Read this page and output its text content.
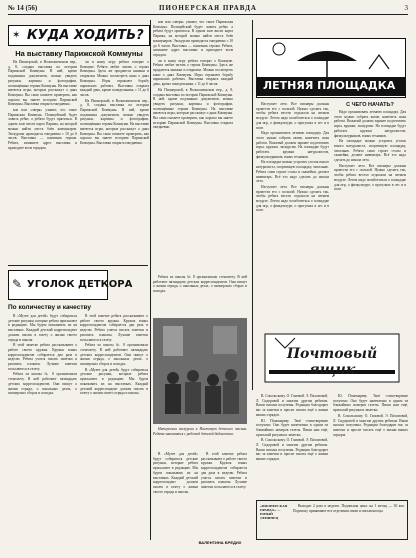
№ 14 (56)	ПИОНЕРСКАЯ ПРАВДА	3
КУДА ХОДИТЬ?
✶
На выставку Парижской Коммуны

На Пионерской, в Вольпашенском пер., д. 8, создана выставка по истории Парижской Коммуны. В ней, кроме подлинных документов, можно увидеть рисунки, картины и фотографии, посвящённые героям Коммуны. На выставке имеются игры, которые расскажут о днях Коммуны. Вы сами сможете проверить, как хорошо вы знаете историю Парижской Коммуны. Выставка открыта ежедневно.

ков или «зверя» узнают, что такое Парижская Коммуна. Полицейский будет ловить ребят, а ребята будут прятаться. В одном зале висит карта Парижа, на которой можно найти места боёв коммунаров. Экскурсии проводятся ежедневно с 10 до 6 часов. Выставка — памятник героям. Ребята, запишите адрес выставки и приходите всем отрядом.

ли в нашу игру ребята говорят о Коммуне. Ребята любят читать о героях Коммуны. Здесь же продаются книжки и открытки. Можно посмотреть кино о днях Коммуны. Игры отражают борьбу парижских рабочих. Выставка открыта каждый день, кроме понедельника, с 11 до 6 часов.

На Пионерской, в Вольпашенском пер., д. 8, создана выставка по истории Парижской Коммуны. В ней, кроме подлинных документов, можно увидеть рисунки, картины и фотографии, посвящённые героям Коммуны. На выставке имеются игры, которые расскажут о днях Коммуны. Вы сами сможете проверить, как хорошо вы знаете историю Парижской Коммуны. Выставка открыта ежедневно.

ков или «зверя» узнают, что такое Парижская Коммуна. Полицейский будет ловить ребят, а ребята будут прятаться. В одном зале висит карта Парижа, на которой можно найти места боёв коммунаров. Экскурсии проводятся ежедневно с 10 до 6 часов. Выставка — памятник героям. Ребята, запишите адрес выставки и приходите всем отрядом.

ли в нашу игру ребята говорят о Коммуне. Ребята любят читать о героях Коммуны. Здесь же продаются книжки и открытки. Можно посмотреть кино о днях Коммуны. Игры отражают борьбу парижских рабочих. Выставка открыта каждый день, кроме понедельника, с 11 до 6 часов.

На Пионерской, в Вольпашенском пер., д. 8, создана выставка по истории Парижской Коммуны. В ней, кроме подлинных документов, можно увидеть рисунки, картины и фотографии, посвящённые героям Коммуны. На выставке имеются игры, которые расскажут о днях Коммуны. Вы сами сможете проверить, как хорошо вы знаете историю Парижской Коммуны. Выставка открыта ежедневно.

ЛЕТНЯЯ ПЛОЩАДКА
С ЧЕГО НАЧАТЬ?

Наступает лето. Все пионеры должны провести его с пользой. Нужно сделать так, чтобы ребята весело отдыхали на свежем воздухе. Летом надо позаботиться о площадке для игр, о физкультуре, о прогулках в лес и в поле.

Надо организовать летнюю площадку. Для этого нужно собрать актив, наметить план работы. Вожатый должен заранее подготовить игры, кружки, экскурсии. На площадке будут работать кружки натуралистов, физкультурников, юных техников.

На площадке можно устроить уголок юного натуралиста, спортивную площадку, читальню. Ребята сами строят столы и скамейки, делают инвентарь. Всё это надо сделать до начала лета.

Наступает лето. Все пионеры должны провести его с пользой. Нужно сделать так, чтобы ребята весело отдыхали на свежем воздухе. Летом надо позаботиться о площадке для игр, о физкультуре, о прогулках в лес и в поле.

Надо организовать летнюю площадку. Для этого нужно собрать актив, наметить план работы. Вожатый должен заранее подготовить игры, кружки, экскурсии. На площадке будут работать кружки натуралистов, физкультурников, юных техников.

На площадке можно устроить уголок юного натуралиста, спортивную площадку, читальню. Ребята сами строят столы и скамейки, делают инвентарь. Всё это надо сделать до начала лета.

Наступает лето. Все пионеры должны провести его с пользой. Нужно сделать так, чтобы ребята весело отдыхали на свежем воздухе. Летом надо позаботиться о площадке для игр, о физкультуре, о прогулках в лес и в поле.

✎ УГОЛОК ДЕТКОРА
По количеству и качеству

В «Музее для детей» будут собираться детские рисунки, которые ребята присылают в редакцию. Мы будем показывать их на выставках. Каждый детский корреспондент должен писать в газету о жизни своего отряда и школы.

В этой заметке ребята рассказывают о работе своего кружка. Кружок юных корреспондентов собирается два раза в неделю. Ребята учатся писать заметки и рисовать плакаты. Лучшие заметки посылаются в газету.

Ребята из школы № 8 организовали стенгазету. В ней работают пятнадцать детских корреспондентов. Они пишут о жизни отряда, о школьных делах, о пионерских сборах и походах.

В этой заметке ребята рассказывают о работе своего кружка. Кружок юных корреспондентов собирается два раза в неделю. Ребята учатся писать заметки и рисовать плакаты. Лучшие заметки посылаются в газету.

Ребята из школы № 8 организовали стенгазету. В ней работают пятнадцать детских корреспондентов. Они пишут о жизни отряда, о школьных делах, о пионерских сборах и походах.

В «Музее для детей» будут собираться детские рисунки, которые ребята присылают в редакцию. Мы будем показывать их на выставках. Каждый детский корреспондент должен писать в газету о жизни своего отряда и школы.

Ребята из школы № 8 организовали стенгазету. В ней работают пятнадцать детских корреспондентов. Они пишут о жизни отряда, о школьных делах, о пионерских сборах и походах.

Интересная экскурсия в Институт детского чтения. Ребята знакомятся с работой детской библиотеки.

В «Музее для детей» будут собираться детские рисунки, которые ребята присылают в редакцию. Мы будем показывать их на выставках. Каждый детский корреспондент должен писать в газету о жизни своего отряда и школы.

В этой заметке ребята рассказывают о работе своего кружка. Кружок юных корреспондентов собирается два раза в неделю. Ребята учатся писать заметки и рисовать плакаты. Лучшие заметки посылаются в газету.

ВАЛЕНТИНА БРЕДИХ
Почтовый ящик

В. Сокольскому. О. Гамовой. Э. Пахомовой, Л. Сидоровой и многим другим ребятам. Ваши письма получены. Редакция благодарит вас за заметки и просит писать ещё о жизни ваших отрядов.

Ю. Пономареву. Твоё стихотворение получено. Оно будет напечатано в одном из ближайших номеров газеты. Пиши нам ещё, присылай рисунки и заметки.

В. Сокольскому. О. Гамовой. Э. Пахомовой, Л. Сидоровой и многим другим ребятам. Ваши письма получены. Редакция благодарит вас за заметки и просит писать ещё о жизни ваших отрядов.

Ю. Пономареву. Твоё стихотворение получено. Оно будет напечатано в одном из ближайших номеров газеты. Пиши нам ещё, присылай рисунки и заметки.

В. Сокольскому. О. Гамовой. Э. Пахомовой, Л. Сидоровой и многим другим ребятам. Ваши письма получены. Редакция благодарит вас за заметки и просит писать ещё о жизни ваших отрядов.

«ПИОНЕРСКАЯ ПРАВДА» — ЮНЫЙ ЛЕНИНЕЦ

Выходит 2 раза в неделю. Подписная цена: на 1 месяц — 30 коп. Подписку принимают все отделения связи и письмоносцы.
